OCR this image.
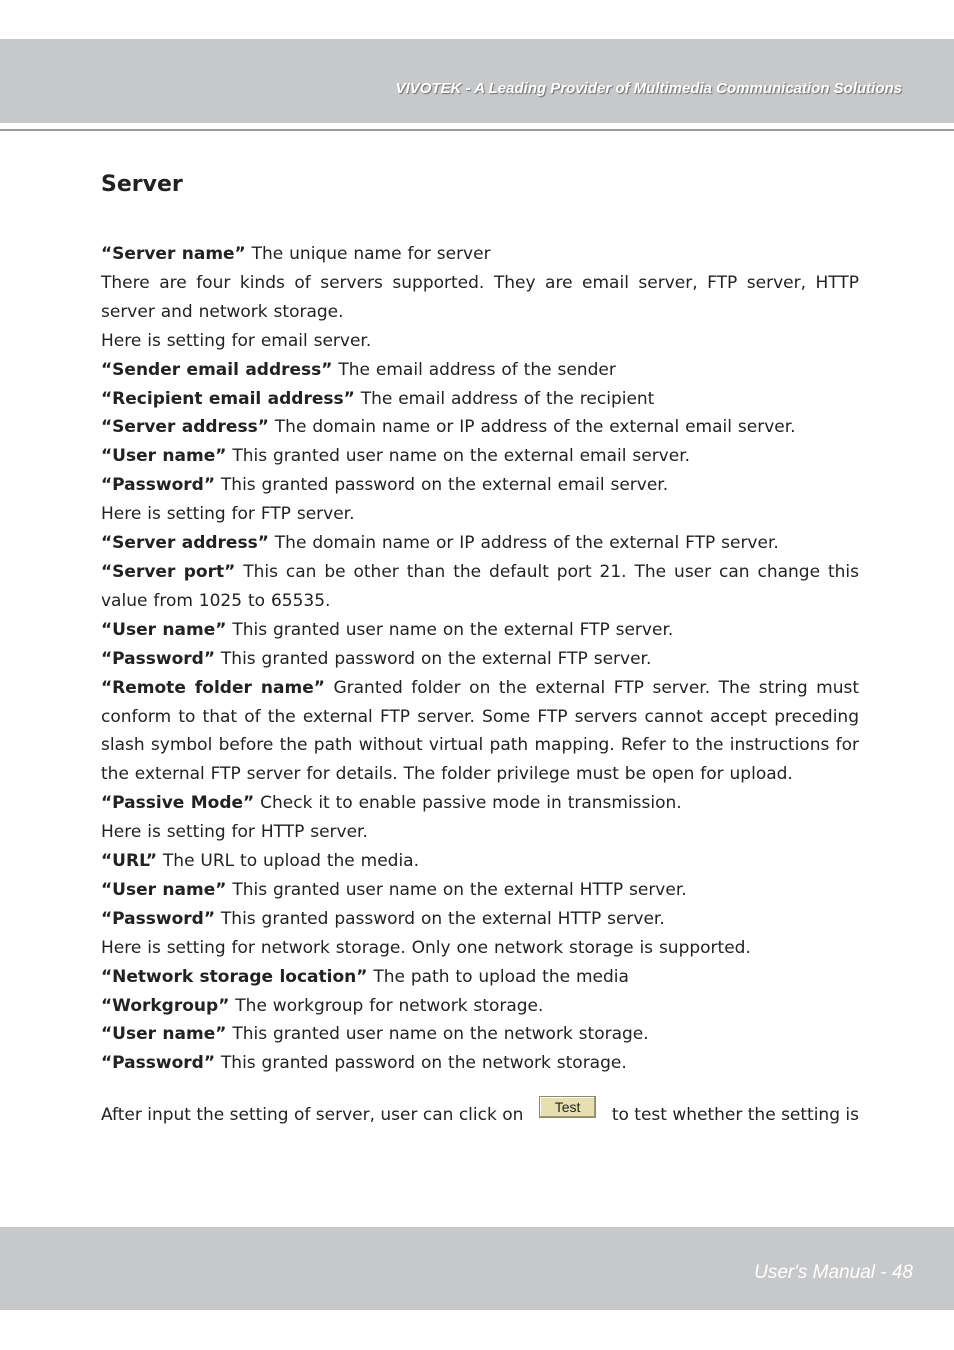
VIVOTEK - A Leading Provider of Multimedia Communication Solutions
Server

“Server name” The unique name for server

There are four kinds of servers supported. They are email server, FTP server, HTTP server and network storage.

Here is setting for email server.

“Sender email address” The email address of the sender

“Recipient email address” The email address of the recipient

“Server address” The domain name or IP address of the external email server.

“User name” This granted user name on the external email server.

“Password” This granted password on the external email server.

Here is setting for FTP server.

“Server address” The domain name or IP address of the external FTP server.

“Server port” This can be other than the default port 21. The user can change this value from 1025 to 65535.

“User name” This granted user name on the external FTP server.

“Password” This granted password on the external FTP server.

“Remote folder name” Granted folder on the external FTP server. The string must conform to that of the external FTP server. Some FTP servers cannot accept preceding slash symbol before the path without virtual path mapping. Refer to the instructions for the external FTP server for details. The folder privilege must be open for upload.

“Passive Mode” Check it to enable passive mode in transmission.

Here is setting for HTTP server.

“URL” The URL to upload the media.

“User name” This granted user name on the external HTTP server.

“Password” This granted password on the external HTTP server.

Here is setting for network storage. Only one network storage is supported.

“Network storage location” The path to upload the media

“Workgroup” The workgroup for network storage.

“User name” This granted user name on the network storage.

“Password” This granted password on the network storage.

After input the setting of server, user can click on	Test	to test whether the setting is
User's Manual - 48
